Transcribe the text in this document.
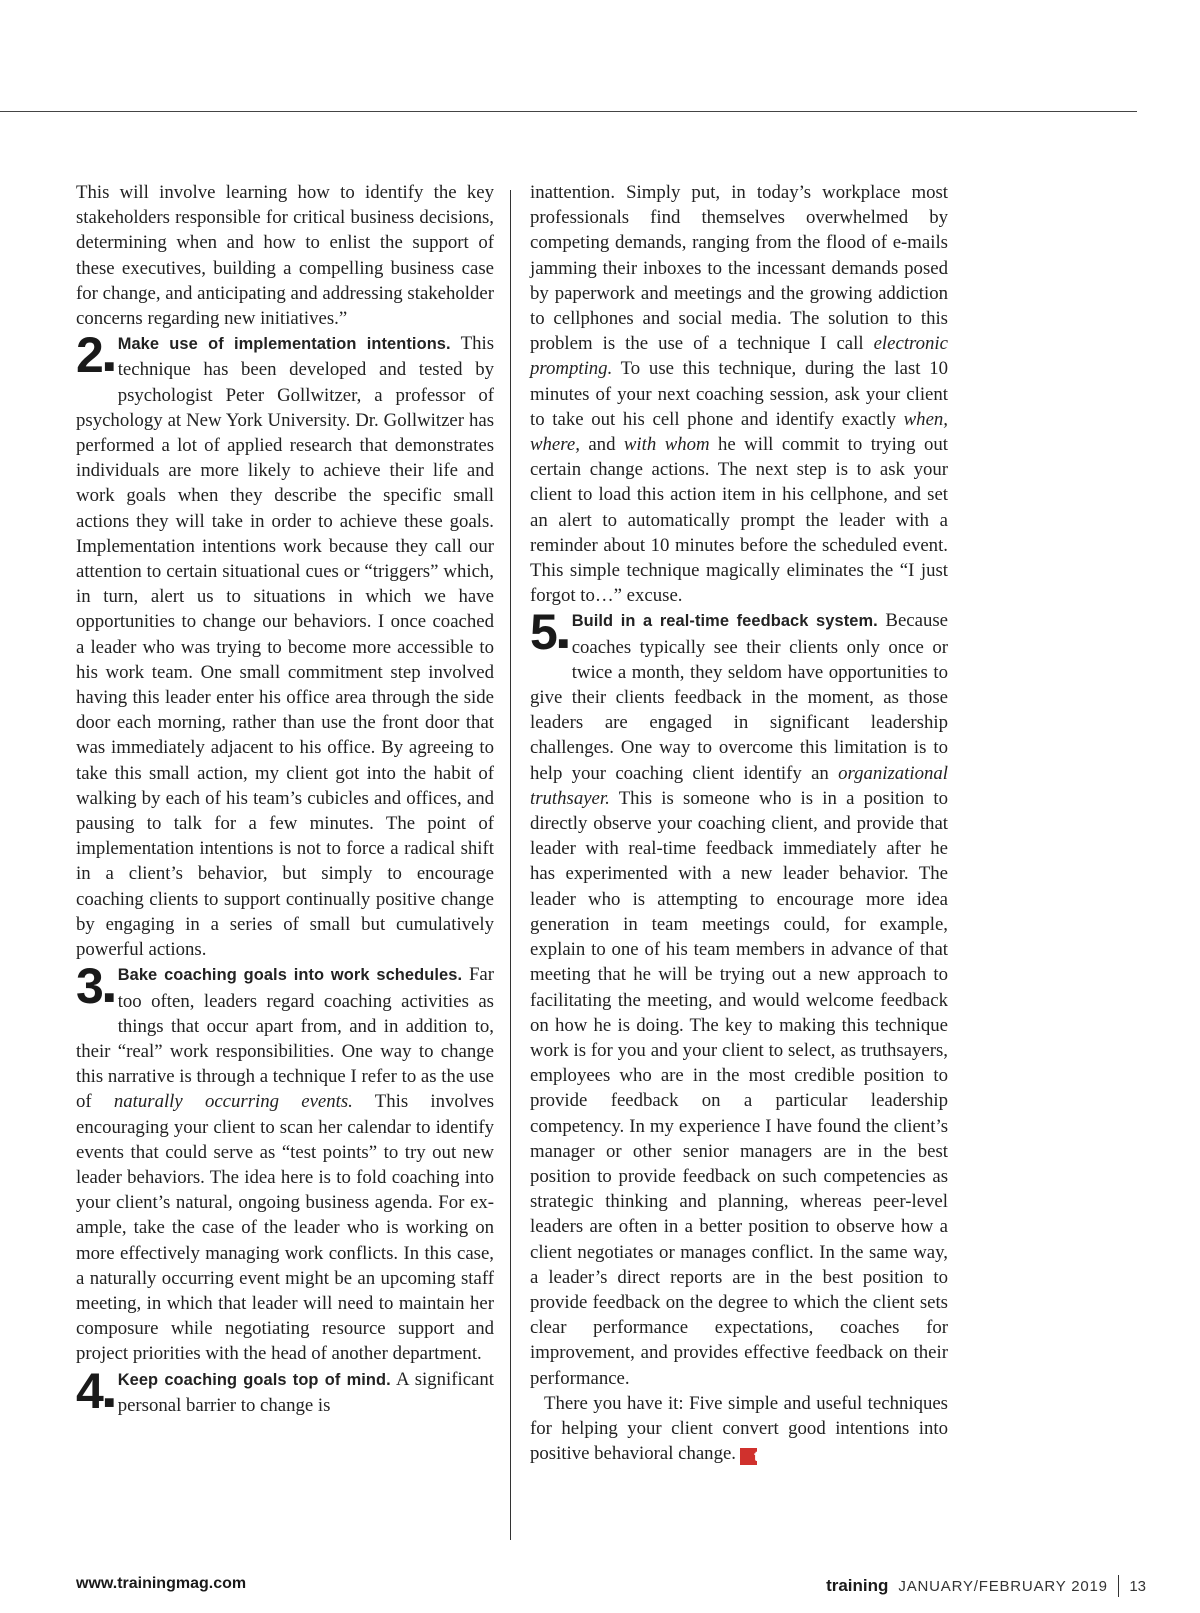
This will involve learning how to identify the key stakeholders responsible for critical business decisions, determining when and how to enlist the support of these executives, building a compelling business case for change, and anticipating and addressing stakeholder concerns regarding new initiatives.”

2■
Make use of implementation intentions. This technique has been developed and tested by psychologist Peter Gollwitzer, a professor of psychology at New York University. Dr. Gollwitzer has performed a lot of applied research that demonstrates individuals are more likely to achieve their life and work goals when they describe the specific small actions they will take in order to achieve these goals. Implementation intentions work because they call our attention to certain situational cues or “triggers” which, in turn, alert us to situations in which we have opportunities to change our behaviors. I once coached a leader who was trying to become more accessible to his work team. One small commitment step involved having this leader enter his office area through the side door each morning, rather than use the front door that was immediately adjacent to his office. By agreeing to take this small action, my client got into the habit of walking by each of his team’s cubicles and offices, and pausing to talk for a few minutes. The point of implementation intentions is not to force a radical shift in a client’s behavior, but simply to encourage coaching clients to support continually positive change by engaging in a series of small but cumulatively powerful actions.
3■
Bake coaching goals into work schedules. Far too often, leaders regard coaching activities as things that occur apart from, and in addition to, their “real” work responsibilities. One way to change this narrative is through a technique I refer to as the use of naturally occurring events. This involves encouraging your client to scan her calendar to identify events that could serve as “test points” to try out new leader behaviors. The idea here is to fold coaching into your client’s natural, ongoing business agenda. For example, take the case of the leader who is working on more effectively managing work conflicts. In this case, a naturally occurring event might be an upcoming staff meeting, in which that leader will need to maintain her composure while negotiating resource support and project priorities with the head of another department.
4■
Keep coaching goals top of mind. A significant personal barrier to change is

inattention. Simply put, in today’s workplace most professionals find themselves overwhelmed by competing demands, ranging from the flood of e-mails jamming their inboxes to the incessant demands posed by paperwork and meetings and the growing addiction to cellphones and social media. The solution to this problem is the use of a technique I call electronic prompting. To use this technique, during the last 10 minutes of your next coaching session, ask your client to take out his cell phone and identify exactly when, where, and with whom he will commit to trying out certain change actions. The next step is to ask your client to load this action item in his cellphone, and set an alert to automatically prompt the leader with a reminder about 10 minutes before the scheduled event. This simple technique magically eliminates the “I just forgot to…” excuse.

5■
Build in a real-time feedback system. Because coaches typically see their clients only once or twice a month, they seldom have opportunities to give their clients feedback in the moment, as those leaders are engaged in significant leadership challenges. One way to overcome this limitation is to help your coaching client identify an organizational truthsayer. This is someone who is in a position to directly observe your coaching client, and provide that leader with real-time feedback immediately after he has experimented with a new leader behavior. The leader who is attempting to encourage more idea generation in team meetings could, for example, explain to one of his team members in advance of that meeting that he will be trying out a new approach to facilitating the meeting, and would welcome feedback on how he is doing. The key to making this technique work is for you and your client to select, as truthsayers, employees who are in the most credible position to provide feedback on a particular leadership competency. In my experience I have found the client’s manager or other senior managers are in the best position to provide feedback on such competencies as strategic thinking and planning, whereas peer-level leaders are often in a better position to observe how a client negotiates or manages conflict. In the same way, a leader’s direct reports are in the best position to provide feedback on the degree to which the client sets clear performance expectations, coaches for improvement, and provides effective feedback on their performance.

There you have it: Five simple and useful techniques for helping your client convert good intentions into positive behavioral change. t

www.trainingmag.com	training JANUARY/FEBRUARY 2019 13
